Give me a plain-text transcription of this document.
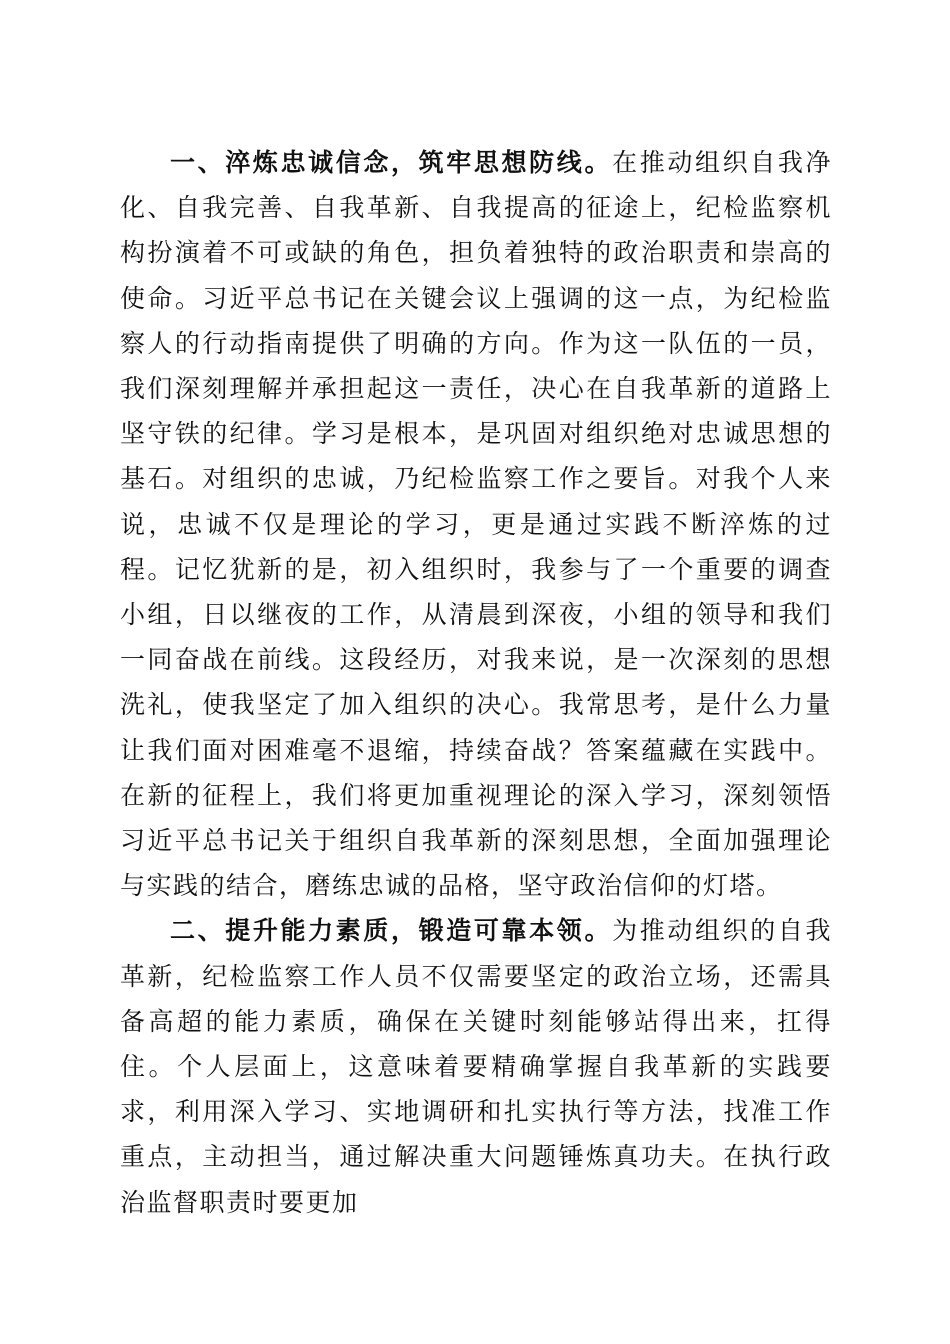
一、淬炼忠诚信念，筑牢思想防线。在推动组织自我净化、自我完善、自我革新、自我提高的征途上，纪检监察机构扮演着不可或缺的角色，担负着独特的政治职责和崇高的使命。习近平总书记在关键会议上强调的这一点，为纪检监察人的行动指南提供了明确的方向。作为这一队伍的一员，我们深刻理解并承担起这一责任，决心在自我革新的道路上坚守铁的纪律。学习是根本，是巩固对组织绝对忠诚思想的基石。对组织的忠诚，乃纪检监察工作之要旨。对我个人来说，忠诚不仅是理论的学习，更是通过实践不断淬炼的过程。记忆犹新的是，初入组织时，我参与了一个重要的调查小组，日以继夜的工作，从清晨到深夜，小组的领导和我们一同奋战在前线。这段经历，对我来说，是一次深刻的思想洗礼，使我坚定了加入组织的决心。我常思考，是什么力量让我们面对困难毫不退缩，持续奋战？答案蕴藏在实践中。在新的征程上，我们将更加重视理论的深入学习，深刻领悟习近平总书记关于组织自我革新的深刻思想，全面加强理论与实践的结合，磨练忠诚的品格，坚守政治信仰的灯塔。

二、提升能力素质，锻造可靠本领。为推动组织的自我革新，纪检监察工作人员不仅需要坚定的政治立场，还需具备高超的能力素质，确保在关键时刻能够站得出来，扛得住。个人层面上，这意味着要精确掌握自我革新的实践要求，利用深入学习、实地调研和扎实执行等方法，找准工作重点，主动担当，通过解决重大问题锤炼真功夫。在执行政治监督职责时要更加
